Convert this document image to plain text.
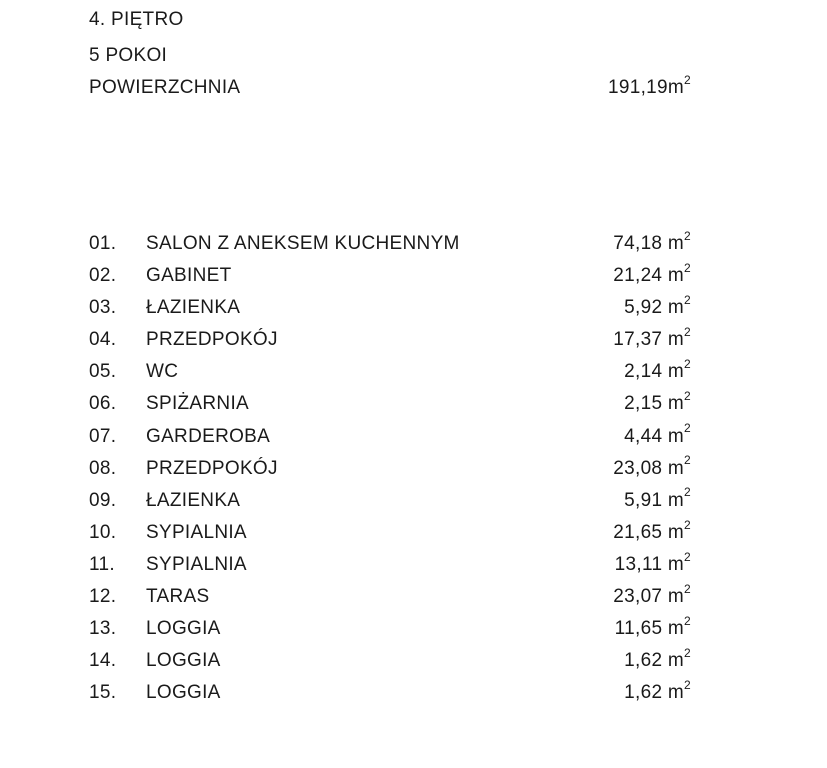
4. PIĘTRO
5 POKOI
POWIERZCHNIA	$191,19m^2$
01. SALON Z ANEKSEM KUCHENNYM	74,18 $m^2$
02. GABINET	21,24 $m^2$
03. ŁAZIENKA	5,92 $m^2$
04. PRZEDPOKÓJ	17,37 $m^2$
05. WC	2,14 $m^2$
06. SPIŻARNIA	2,15 $m^2$
07. GARDEROBA	4,44 $m^2$
08. PRZEDPOKÓJ	23,08 $m^2$
09. ŁAZIENKA	5,91 $m^2$
10. SYPIALNIA	21,65 $m^2$
11. SYPIALNIA	13,11 $m^2$
12. TARAS	23,07 $m^2$
13. LOGGIA	11,65 $m^2$
14. LOGGIA	1,62 $m^2$
15. LOGGIA	1,62 $m^2$
